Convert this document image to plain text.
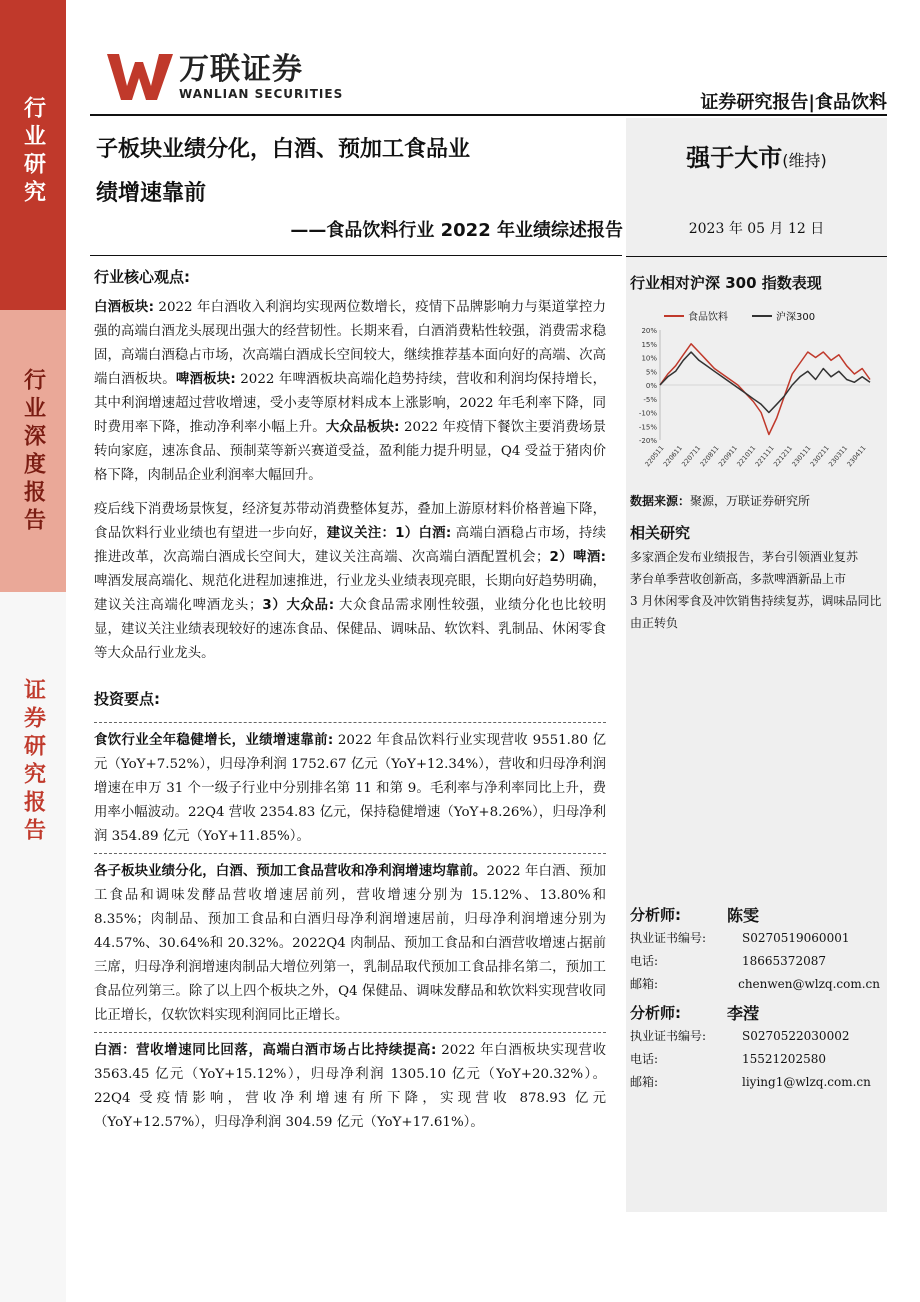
行业研究
行业深度报告
证券研究报告
万联证券
WANLIAN SECURITIES	证券研究报告|食品饮料
子板块业绩分化，白酒、预加工食品业
绩增速靠前
——食品饮料行业 2022 年业绩综述报告
强于大市(维持)
2023 年 05 月 12 日
行业相对沪深 300 指数表现
食品饮料	沪深300
20%
15%
10%
5%
0%
-5%
-10%
-15%
-20%
220511
220611
220711
220811
220911
221011
221111
221211
230111
230211
230311
230411
数据来源：聚源，万联证券研究所
相关研究
多家酒企发布业绩报告，茅台引领酒业复苏
茅台单季营收创新高，多款啤酒新品上市
3 月休闲零食及冲饮销售持续复苏，调味品同比由正转负
分析师:	陈雯
执业证书编号:	S0270519060001
电话:	18665372087
邮箱:	chenwen@wlzq.com.cn
分析师:	李滢
执业证书编号:	S0270522030002
电话:	15521202580
邮箱:	liying1@wlzq.com.cn
行业核心观点:
白酒板块: 2022 年白酒收入利润均实现两位数增长，疫情下品牌影响力与渠道掌控力强的高端白酒龙头展现出强大的经营韧性。长期来看，白酒消费粘性较强，消费需求稳固，高端白酒稳占市场，次高端白酒成长空间较大，继续推荐基本面向好的高端、次高端白酒板块。啤酒板块: 2022 年啤酒板块高端化趋势持续，营收和利润均保持增长，其中利润增速超过营收增速，受小麦等原材料成本上涨影响，2022 年毛利率下降，同时费用率下降，推动净利率小幅上升。大众品板块: 2022 年疫情下餐饮主要消费场景转向家庭，速冻食品、预制菜等新兴赛道受益，盈利能力提升明显，Q4 受益于猪肉价格下降，肉制品企业利润率大幅回升。
疫后线下消费场景恢复，经济复苏带动消费整体复苏，叠加上游原材料价格普遍下降，食品饮料行业业绩也有望进一步向好，建议关注：1）白酒: 高端白酒稳占市场，持续推进改革，次高端白酒成长空间大，建议关注高端、次高端白酒配置机会；2）啤酒: 啤酒发展高端化、规范化进程加速推进，行业龙头业绩表现亮眼，长期向好趋势明确，建议关注高端化啤酒龙头；3）大众品: 大众食品需求刚性较强，业绩分化也比较明显，建议关注业绩表现较好的速冻食品、保健品、调味品、软饮料、乳制品、休闲零食等大众品行业龙头。
投资要点:
食饮行业全年稳健增长，业绩增速靠前: 2022 年食品饮料行业实现营收 9551.80 亿元（YoY+7.52%），归母净利润 1752.67 亿元（YoY+12.34%），营收和归母净利润增速在申万 31 个一级子行业中分别排名第 11 和第 9。毛利率与净利率同比上升，费用率小幅波动。22Q4 营收 2354.83 亿元，保持稳健增速（YoY+8.26%），归母净利润 354.89 亿元（YoY+11.85%）。
各子板块业绩分化，白酒、预加工食品营收和净利润增速均靠前。2022 年白酒、预加工食品和调味发酵品营收增速居前列，营收增速分别为 15.12%、13.80%和 8.35%；肉制品、预加工食品和白酒归母净利润增速居前，归母净利润增速分别为 44.57%、30.64%和 20.32%。2022Q4 肉制品、预加工食品和白酒营收增速占据前三席，归母净利润增速肉制品大增位列第一，乳制品取代预加工食品排名第二，预加工食品位列第三。除了以上四个板块之外，Q4 保健品、调味发酵品和软饮料实现营收同比正增长，仅软饮料实现利润同比正增长。
白酒：营收增速同比回落，高端白酒市场占比持续提高: 2022 年白酒板块实现营收 3563.45 亿元（YoY+15.12%），归母净利润 1305.10 亿元（YoY+20.32%）。22Q4 受疫情影响，营收净利增速有所下降，实现营收 878.93 亿元（YoY+12.57%），归母净利润 304.59 亿元（YoY+17.61%）。
